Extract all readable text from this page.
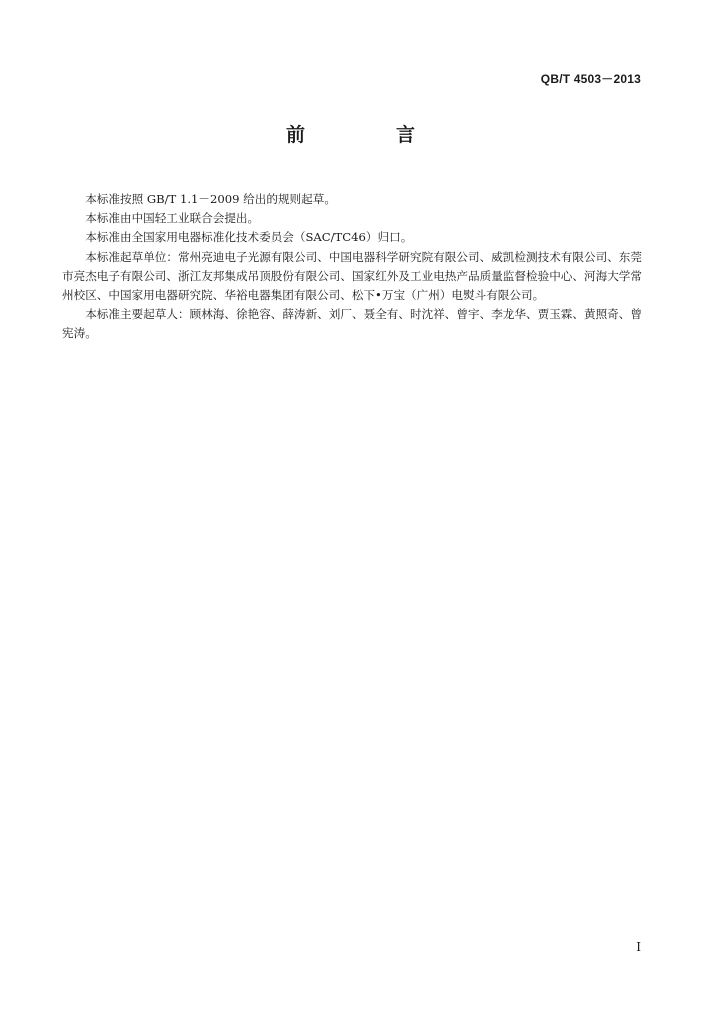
QB/T 4503－2013
前　言

本标准按照 GB/T 1.1－2009 给出的规则起草。

本标准由中国轻工业联合会提出。

本标准由全国家用电器标准化技术委员会（SAC/TC46）归口。

本标准起草单位：常州亮迪电子光源有限公司、中国电器科学研究院有限公司、威凯检测技术有限公司、东莞市亮杰电子有限公司、浙江友邦集成吊顶股份有限公司、国家红外及工业电热产品质量监督检验中心、河海大学常州校区、中国家用电器研究院、华裕电器集团有限公司、松下•万宝（广州）电熨斗有限公司。

本标准主要起草人：顾林海、徐艳容、薛涛新、刘厂、聂全有、时沈祥、曾宇、李龙华、贾玉霖、黄照奇、曾宪涛。

I
